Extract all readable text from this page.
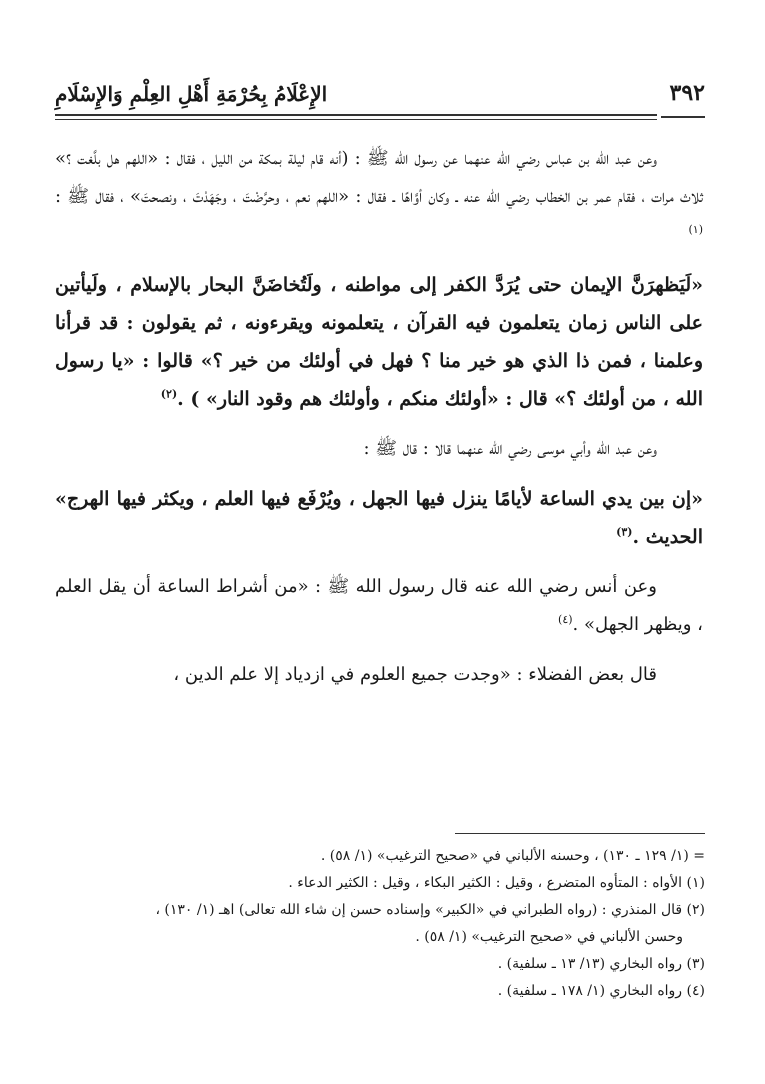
الإِعْلَامُ بِحُرْمَةِ أَهْلِ العِلْمِ وَالإِسْلَامِ	٣٩٢

وعن عبد الله بن عباس رضي الله عنهما عن رسول الله ﷺ : (أنه قام ليلة بمكة من الليل ، فقال : «اللهم هل بلَّغت ؟» ثلاث مرات ، فقام عمر بن الخطاب رضي الله عنه ـ وكان أوَّاهًا ـ فقال : «اللهم نعم ، وحرَّضْتَ ، وجَهَدْتَ ، ونصحتَ» ، فقال ﷺ :$^{(١)}$

«لَيَظهرَنَّ الإيمان حتى يُرَدَّ الكفر إلى مواطنه ، ولَتُخاضَنَّ البحار بالإسلام ، ولَيأتين على الناس زمان يتعلمون فيه القرآن ، يتعلمونه ويقرءونه ، ثم يقولون : قد قرأنا وعلمنا ، فمن ذا الذي هو خير منا ؟ فهل في أولئك من خير ؟» قالوا : «يا رسول الله ، من أولئك ؟» قال : «أولئك منكم ، وأولئك هم وقود النار» ) .$^{(٢)}$

وعن عبد الله وأبي موسى رضي الله عنهما قالا : قال ﷺ :

«إن بين يدي الساعة لأيامًا ينزل فيها الجهل ، ويُرْفَع فيها العلم ، ويكثر فيها الهرج» الحديث .$^{(٣)}$

وعن أنس رضي الله عنه قال رسول الله ﷺ : «من أشراط الساعة أن يقل العلم ، ويظهر الجهل» .$^{(٤)}$

قال بعض الفضلاء : «وجدت جميع العلوم في ازدياد إلا علم الدين ،

= (١/ ١٢٩ ـ ١٣٠) ، وحسنه الألباني في «صحيح الترغيب» (١/ ٥٨) .
(١) الأواه : المتأوه المتضرع ، وقيل : الكثير البكاء ، وقيل : الكثير الدعاء .
(٢) قال المنذري : (رواه الطبراني في «الكبير» وإسناده حسن إن شاء الله تعالى) اهـ (١/ ١٣٠) ،
وحسن الألباني في «صحيح الترغيب» (١/ ٥٨) .
(٣) رواه البخاري (١٣/ ١٣ ـ سلفية) .
(٤) رواه البخاري (١/ ١٧٨ ـ سلفية) .
